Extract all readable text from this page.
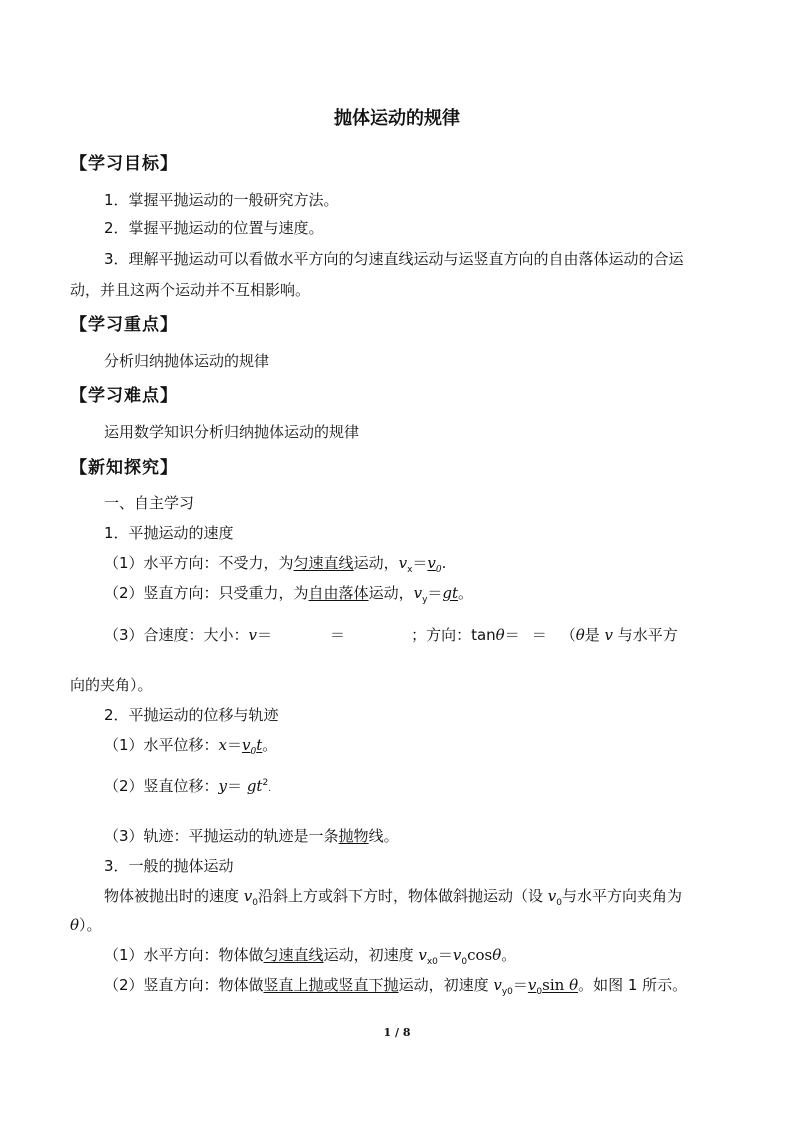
抛体运动的规律
【学习目标】
1．掌握平抛运动的一般研究方法。
2．掌握平抛运动的位置与速度。
3．理解平抛运动可以看做水平方向的匀速直线运动与运竖直方向的自由落体运动的合运
动，并且这两个运动并不互相影响。
【学习重点】
分析归纳抛体运动的规律
【学习难点】
运用数学知识分析归纳抛体运动的规律
【新知探究】
一、自主学习
1．平抛运动的速度
（1）水平方向：不受力，为匀速直线运动，$v_x=v_0$.
（2）竖直方向：只受重力，为自由落体运动，$v_y=gt$。
（3）合速度：大小：v＝	＝	；方向：tanθ＝ ＝ （θ是 v 与水平方
向的夹角）。
2．平抛运动的位移与轨迹
（1）水平位移：$x=v_0t$。
（2）竖直位移：$y= gt^2$.
（3）轨迹：平抛运动的轨迹是一条抛物线。
3．一般的抛体运动
物体被抛出时的速度 $v_0$沿斜上方或斜下方时，物体做斜抛运动（设 $v_0$与水平方向夹角为
θ）。
（1）水平方向：物体做匀速直线运动，初速度 $v_{x0}=v_0\cos\theta$。
（2）竖直方向：物体做竖直上抛或竖直下抛运动，初速度 $v_{y0}=v_0\sin$ θ。如图 1 所示。
1 / 8
